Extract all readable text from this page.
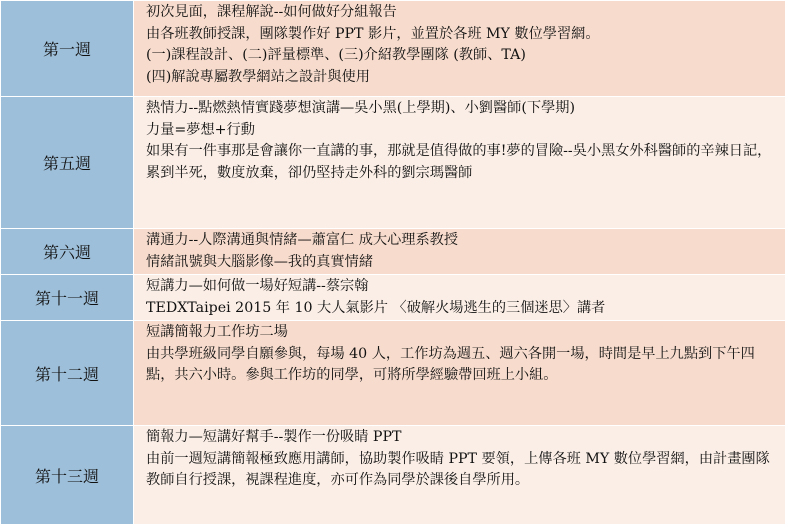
第一週	初次見面，課程解說--如何做好分組報告
由各班教師授課，團隊製作好 PPT 影片，並置於各班 MY 數位學習網。
(一)課程設計、(二)評量標準、(三)介紹教學團隊 (教師、TA)
(四)解說專屬教學網站之設計與使用

第五週	熱情力--點燃熱情實踐夢想演講—吳小黑(上學期)、小劉醫師(下學期)
力量=夢想+行動
如果有一件事那是會讓你一直講的事，那就是值得做的事!夢的冒險--吳小黑女外科醫師的辛辣日記，累到半死，數度放棄，卻仍堅持走外科的劉宗瑪醫師

第六週	溝通力--人際溝通與情緒—蕭富仁 成大心理系教授
情緒訊號與大腦影像—我的真實情緒

第十一週	短講力—如何做一場好短講--蔡宗翰
TEDXTaipei 2015 年 10 大人氣影片 〈破解火場逃生的三個迷思〉講者

第十二週	短講簡報力工作坊二場
由共學班級同學自願參與，每場 40 人，工作坊為週五、週六各開一場，時間是早上九點到下午四點，共六小時。參與工作坊的同學，可將所學經驗帶回班上小組。

第十三週	簡報力—短講好幫手--製作一份吸睛 PPT
由前一週短講簡報極致應用講師，協助製作吸睛 PPT 要領，上傳各班 MY 數位學習網，由計畫團隊教師自行授課，視課程進度，亦可作為同學於課後自學所用。
